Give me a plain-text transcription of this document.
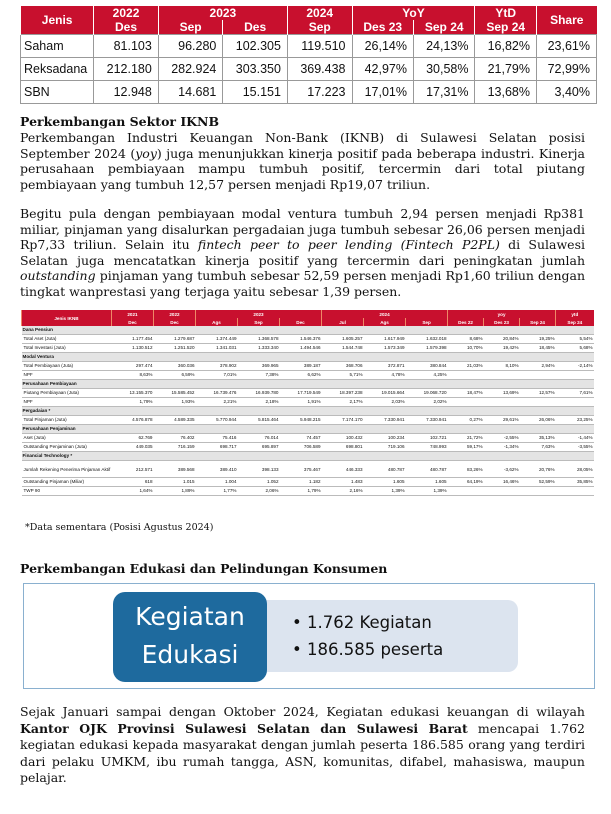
Jenis	2022	2023		2024	YoY		YtD	Share
	Des	Sep	Des	Sep	Des 23	Sep 24	Sep 24	
Saham	81.103	96.280	102.305	119.510	26,14%	24,13%	16,82%	23,61%
Reksadana	212.180	282.924	303.350	369.438	42,97%	30,58%	21,79%	72,99%
SBN	12.948	14.681	15.151	17.223	17,01%	17,31%	13,68%	3,40%
Perkembangan Sektor IKNB
Perkembangan Industri Keuangan Non-Bank (IKNB) di Sulawesi Selatan posisi September 2024 (yoy) juga menunjukkan kinerja positif pada beberapa industri. Kinerja perusahaan pembiayaan mampu tumbuh positif, tercermin dari total piutang pembiayaan yang tumbuh 12,57 persen menjadi Rp19,07 triliun.
Begitu pula dengan pembiayaan modal ventura tumbuh 2,94 persen menjadi Rp381 miliar, pinjaman yang disalurkan pergadaian juga tumbuh sebesar 26,06 persen menjadi Rp7,33 triliun. Selain itu fintech peer to peer lending (Fintech P2PL) di Sulawesi Selatan juga mencatatkan kinerja positif yang tercermin dari peningkatan jumlah outstanding pinjaman yang tumbuh sebesar 52,59 persen menjadi Rp1,60 triliun dengan tingkat wanprestasi yang terjaga yaitu sebesar 1,39 persen.
Jenis IKNB	2021	2022	2023			2024			yoy			ytd
	Dec	Dec	Ags	Sep	Dec	Jul	Ags	Sep	Des 22	Des 23	Sep 24	Sep 24
Dana Pensiun												
Total Aset (Juta)	1.177.454	1.279.687	1.374.449	1.368.578	1.546.376	1.605.257	1.617.949	1.632.018	8,68%	20,84%	19,25%	5,54%
Total Investasi (Juta)	1.130.512	1.251.520	1.341.031	1.333.340	1.494.546	1.544.748	1.573.349	1.579.398	10,70%	19,42%	18,45%	5,68%
Modal Ventura												
Total Pembiayaan (Juta)	297.474	360.036	378.902	369.965	389.187	368.706	372.871	380.844	21,03%	8,10%	2,94%	-2,14%
NPF	8,63%	6,59%	7,01%	7,38%	6,62%	5,71%	4,78%	4,25%				
Perusahaan Pembiayaan												
Piutang Pembiayaan (Juta)	13.155.370	15.585.452	16.739.476	16.939.780	17.719.549	18.397.238	19.015.664	19.068.720	18,47%	13,69%	12,57%	7,61%
NPF	1,79%	1,93%	2,21%	2,18%	1,91%	2,17%	2,03%	2,02%				
Pergadaian *												
Total Pinjaman (Juta)	4.576.878	4.589.335	5.770.944	5.815.464	5.948.215	7.174.170	7.330.941	7.330.941	0,27%	29,61%	26,06%	23,25%
Perusahaan Penjaminan												
Aset (Juta)	62.769	76.402	75.416	76.014	74.457	100.432	100.234	102.721	21,72%	-2,55%	35,13%	-1,44%
Outstanding Penjaminan (Juta)	449.035	716.159	698.717	695.897	706.589	698.801	719.106	748.993	59,17%	-1,34%	7,63%	-3,55%
Financial Technology *												
Jumlah Rekening Penerima Pinjaman Aktif	212.571	389.568	389.410	398.133	375.467	446.333	480.787	480.787	83,26%	-3,62%	20,76%	28,05%
Outstanding Pinjaman (Miliar)	618	1.015	1.004	1.052	1.182	1.483	1.605	1.605	64,19%	16,46%	52,59%	35,85%
TWP 90	1,64%	1,89%	1,77%	2,06%	1,79%	2,16%	1,39%	1,39%				
*Data sementara (Posisi Agustus 2024)
Perkembangan Edukasi dan Pelindungan Konsumen
Kegiatan
Edukasi
• 1.762 Kegiatan
• 186.585 peserta
Sejak Januari sampai dengan Oktober 2024, Kegiatan edukasi keuangan di wilayah Kantor OJK Provinsi Sulawesi Selatan dan Sulawesi Barat mencapai 1.762 kegiatan edukasi kepada masyarakat dengan jumlah peserta 186.585 orang yang terdiri dari pelaku UMKM, ibu rumah tangga, ASN, komunitas, difabel, mahasiswa, maupun pelajar.
